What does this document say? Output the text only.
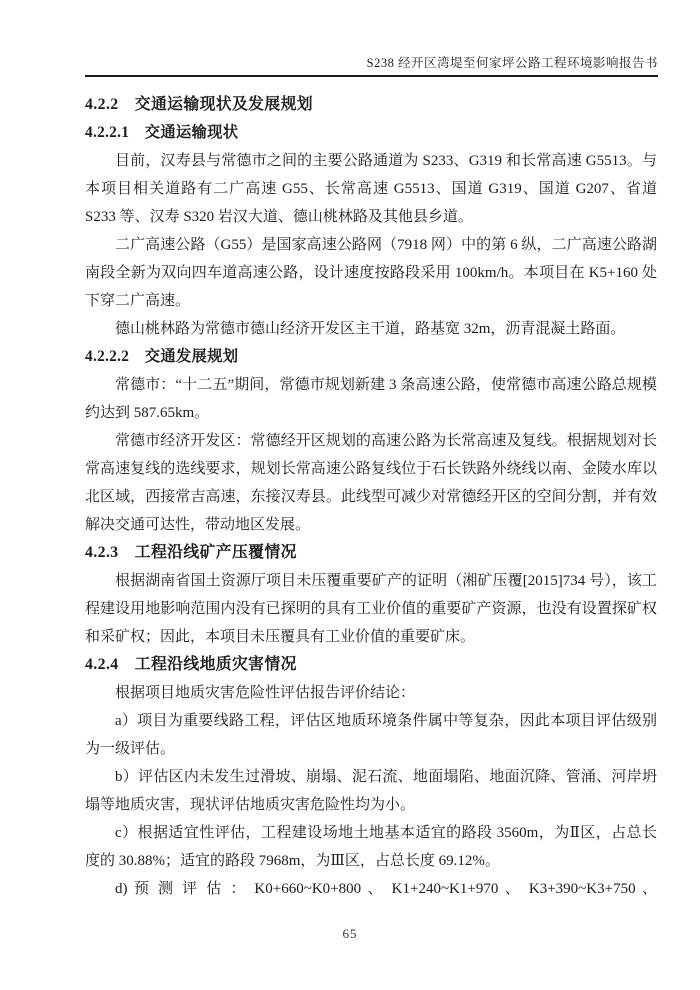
S238 经开区湾堤至何家坪公路工程环境影响报告书
4.2.2　交通运输现状及发展规划
4.2.2.1　交通运输现状

目前，汉寿县与常德市之间的主要公路通道为 S233、G319 和长常高速 G5513。与本项目相关道路有二广高速 G55、长常高速 G5513、国道 G319、国道 G207、省道 S233 等、汉寿 S320 岩汉大道、德山桃林路及其他县乡道。

二广高速公路（G55）是国家高速公路网（7918 网）中的第 6 纵，二广高速公路湖南段全新为双向四车道高速公路，设计速度按路段采用 100km/h。本项目在 K5+160 处下穿二广高速。

德山桃林路为常德市德山经济开发区主干道，路基宽 32m，沥青混凝土路面。

4.2.2.2　交通发展规划

常德市：“十二五”期间，常德市规划新建 3 条高速公路，使常德市高速公路总规模约达到 587.65km。

常德市经济开发区：常德经开区规划的高速公路为长常高速及复线。根据规划对长常高速复线的选线要求，规划长常高速公路复线位于石长铁路外绕线以南、金陵水库以北区域，西接常吉高速，东接汉寿县。此线型可减少对常德经开区的空间分割，并有效解决交通可达性，带动地区发展。

4.2.3　工程沿线矿产压覆情况

根据湖南省国土资源厅项目未压覆重要矿产的证明（湘矿压覆[2015]734 号），该工程建设用地影响范围内没有已探明的具有工业价值的重要矿产资源，也没有设置探矿权和采矿权；因此，本项目未压覆具有工业价值的重要矿床。

4.2.4　工程沿线地质灾害情况

根据项目地质灾害危险性评估报告评价结论：

a）项目为重要线路工程，评估区地质环境条件属中等复杂，因此本项目评估级别为一级评估。

b）评估区内未发生过滑坡、崩塌、泥石流、地面塌陷、地面沉降、管涌、河岸坍塌等地质灾害，现状评估地质灾害危险性均为小。

c）根据适宜性评估，工程建设场地土地基本适宜的路段 3560m，为Ⅱ区，占总长度的 30.88%；适宜的路段 7968m，为Ⅲ区，占总长度 69.12%。

d) 预 测 评 估 ： K0+660~K0+800 、 K1+240~K1+970 、 K3+390~K3+750 、

65
